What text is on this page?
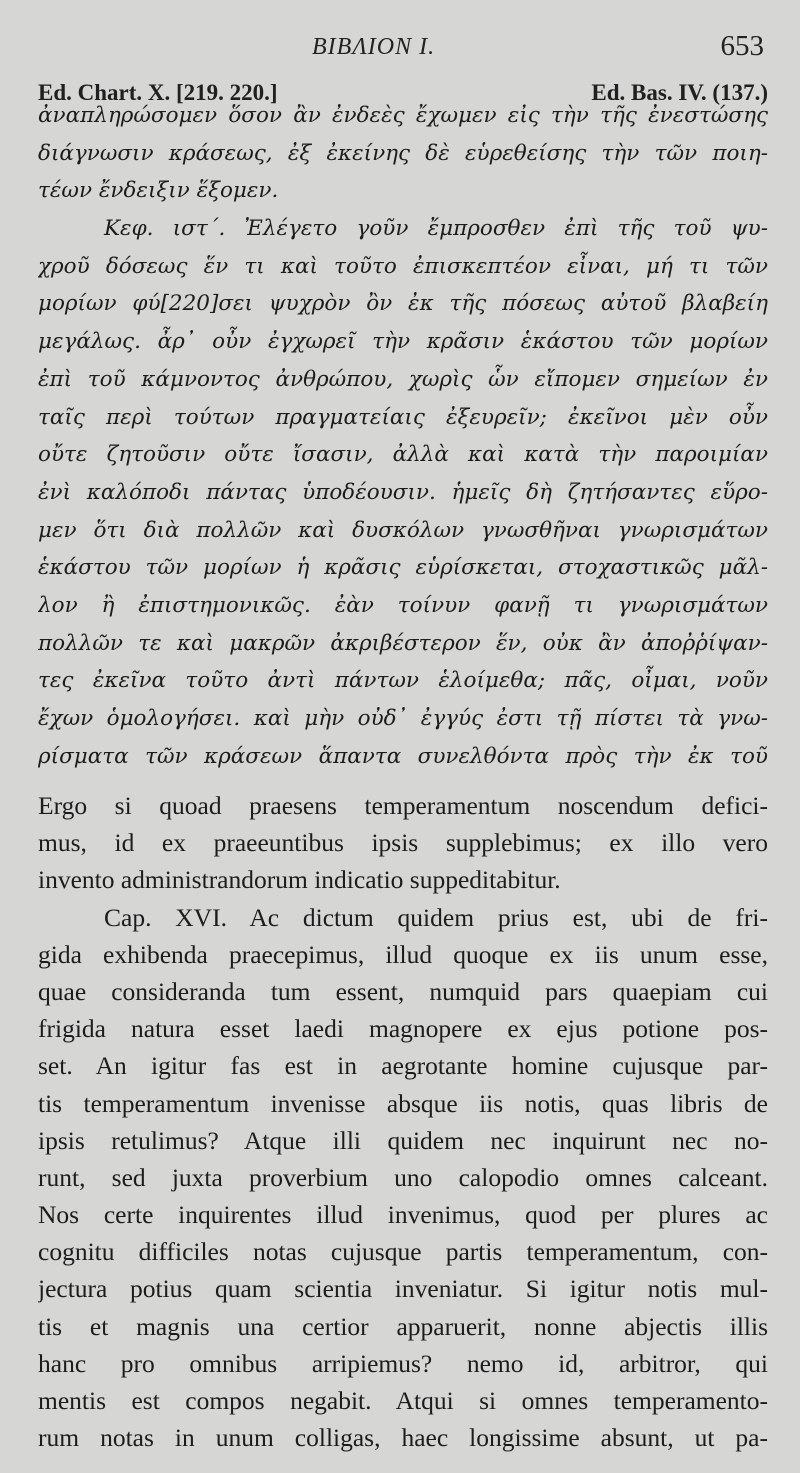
BIBΛΙΟΝ Ι.	653
Ed. Chart. X. [219. 220.]	Ed. Bas. IV. (137.)
ἀναπληρώσομεν ὅσον ἂν ἐνδεὲς ἔχωμεν εἰς τὴν τῆς ἐνεστώσης
διάγνωσιν κράσεως, ἐξ ἐκείνης δὲ εὑρεθείσης τὴν τῶν ποιη-
τέων ἔνδειξιν ἕξομεν.
Κεφ. ιστ΄. Ἐλέγετο γοῦν ἔμπροσθεν ἐπὶ τῆς τοῦ ψυ-
χροῦ δόσεως ἕν τι καὶ τοῦτο ἐπισκεπτέον εἶναι, μή τι τῶν
μορίων φύ[220]σει ψυχρὸν ὂν ἐκ τῆς πόσεως αὐτοῦ βλαβείη
μεγάλως. ἆρ᾽ οὖν ἐγχωρεῖ τὴν κρᾶσιν ἑκάστου τῶν μορίων
ἐπὶ τοῦ κάμνοντος ἀνθρώπου, χωρὶς ὧν εἴπομεν σημείων ἐν
ταῖς περὶ τούτων πραγματείαις ἐξευρεῖν; ἐκεῖνοι μὲν οὖν
οὔτε ζητοῦσιν οὔτε ἴσασιν, ἀλλὰ καὶ κατὰ τὴν παροιμίαν
ἐνὶ καλόποδι πάντας ὑποδέουσιν. ἡμεῖς δὴ ζητήσαντες εὕρο-
μεν ὅτι διὰ πολλῶν καὶ δυσκόλων γνωσθῆναι γνωρισμάτων
ἑκάστου τῶν μορίων ἡ κρᾶσις εὑρίσκεται, στοχαστικῶς μᾶλ-
λον ἢ ἐπιστημονικῶς. ἐὰν τοίνυν φανῇ τι γνωρισμάτων
πολλῶν τε καὶ μακρῶν ἀκριβέστερον ἕν, οὐκ ἂν ἀποῤῥίψαν-
τες ἐκεῖνα τοῦτο ἀντὶ πάντων ἑλοίμεθα; πᾶς, οἶμαι, νοῦν
ἔχων ὁμολογήσει. καὶ μὴν οὐδ᾽ ἐγγύς ἐστι τῇ πίστει τὰ γνω-
ρίσματα τῶν κράσεων ἅπαντα συνελθόντα πρὸς τὴν ἐκ τοῦ
Ergo si quoad praesens temperamentum noscendum defici-
mus, id ex praeeuntibus ipsis supplebimus; ex illo vero
invento administrandorum indicatio suppeditabitur.
Cap. XVI. Ac dictum quidem prius est, ubi de fri-
gida exhibenda praecepimus, illud quoque ex iis unum esse,
quae consideranda tum essent, numquid pars quaepiam cui
frigida natura esset laedi magnopere ex ejus potione pos-
set. An igitur fas est in aegrotante homine cujusque par-
tis temperamentum invenisse absque iis notis, quas libris de
ipsis retulimus? Atque illi quidem nec inquirunt nec no-
runt, sed juxta proverbium uno calopodio omnes calceant.
Nos certe inquirentes illud invenimus, quod per plures ac
cognitu difficiles notas cujusque partis temperamentum, con-
jectura potius quam scientia inveniatur. Si igitur notis mul-
tis et magnis una certior apparuerit, nonne abjectis illis
hanc pro omnibus arripiemus? nemo id, arbitror, qui
mentis est compos negabit. Atqui si omnes temperamento-
rum notas in unum colligas, haec longissime absunt, ut pa-
